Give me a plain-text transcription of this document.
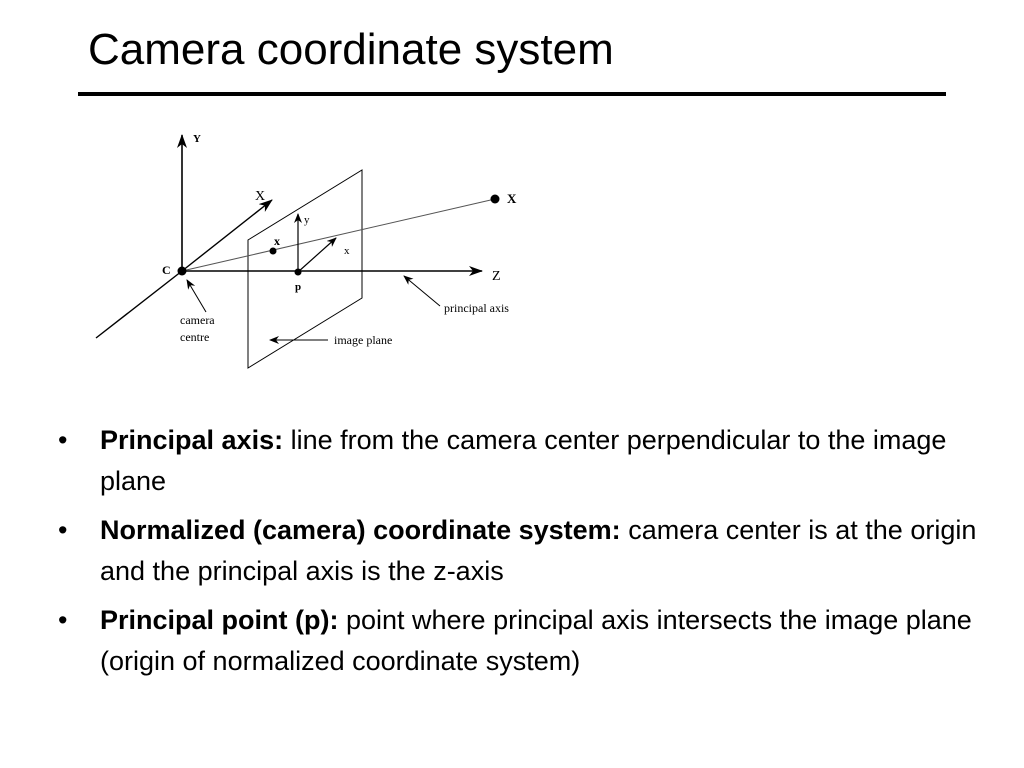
Camera coordinate system
Y
X
Z
C
X
x
y
x
p
camera
centre	image plane
principal axis
• Principal axis: line from the camera center perpendicular to the image plane
• Normalized (camera) coordinate system: camera center is at the origin and the principal axis is the z-axis
• Principal point (p): point where principal axis intersects the image plane (origin of normalized coordinate system)
